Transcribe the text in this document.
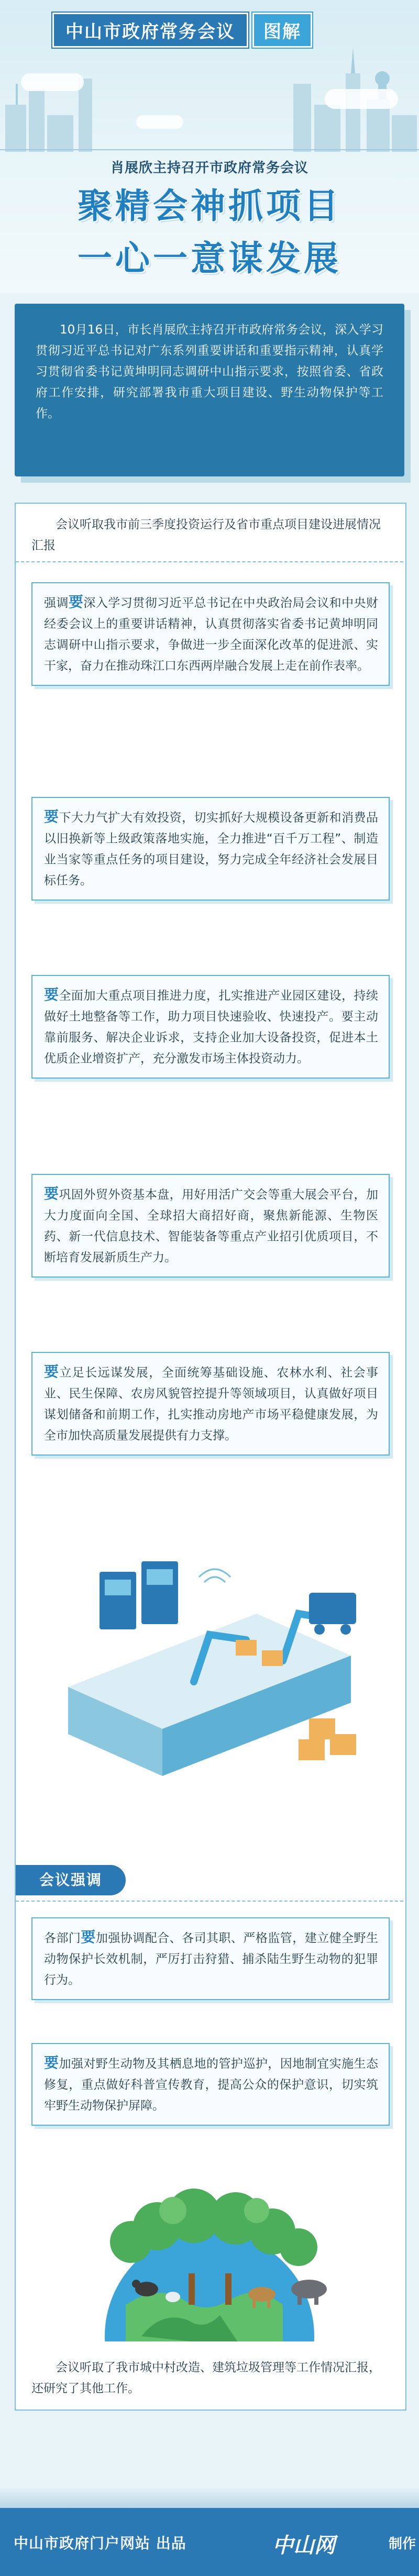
中山市政府常务会议	图解
肖展欣主持召开市政府常务会议
聚精会神抓项目
一心一意谋发展
10月16日，市长肖展欣主持召开市政府常务会议，深入学习贯彻习近平总书记对广东系列重要讲话和重要指示精神，认真学习贯彻省委书记黄坤明同志调研中山指示要求，按照省委、省政府工作安排，研究部署我市重大项目建设、野生动物保护等工作。
会议听取我市前三季度投资运行及省市重点项目建设进展情况汇报
强调要深入学习贯彻习近平总书记在中央政治局会议和中央财经委会议上的重要讲话精神，认真贯彻落实省委书记黄坤明同志调研中山指示要求，争做进一步全面深化改革的促进派、实干家，奋力在推动珠江口东西两岸融合发展上走在前作表率。
要下大力气扩大有效投资，切实抓好大规模设备更新和消费品以旧换新等上级政策落地实施，全力推进“百千万工程”、制造业当家等重点任务的项目建设，努力完成全年经济社会发展目标任务。
要全面加大重点项目推进力度，扎实推进产业园区建设，持续做好土地整备等工作，助力项目快速验收、快速投产。要主动靠前服务、解决企业诉求，支持企业加大设备投资，促进本土优质企业增资扩产，充分激发市场主体投资动力。
要巩固外贸外资基本盘，用好用活广交会等重大展会平台，加大力度面向全国、全球招大商招好商，聚焦新能源、生物医药、新一代信息技术、智能装备等重点产业招引优质项目，不断培育发展新质生产力。
要立足长远谋发展，全面统筹基础设施、农林水利、社会事业、民生保障、农房风貌管控提升等领域项目，认真做好项目谋划储备和前期工作，扎实推动房地产市场平稳健康发展，为全市加快高质量发展提供有力支撑。
会议强调
各部门要加强协调配合、各司其职、严格监管，建立健全野生动物保护长效机制，严厉打击狩猎、捕杀陆生野生动物的犯罪行为。
要加强对野生动物及其栖息地的管护巡护，因地制宜实施生态修复，重点做好科普宣传教育，提高公众的保护意识，切实筑牢野生动物保护屏障。
会议听取了我市城中村改造、建筑垃圾管理等工作情况汇报，还研究了其他工作。
中山市政府门户网站 出品	中山网	制作
